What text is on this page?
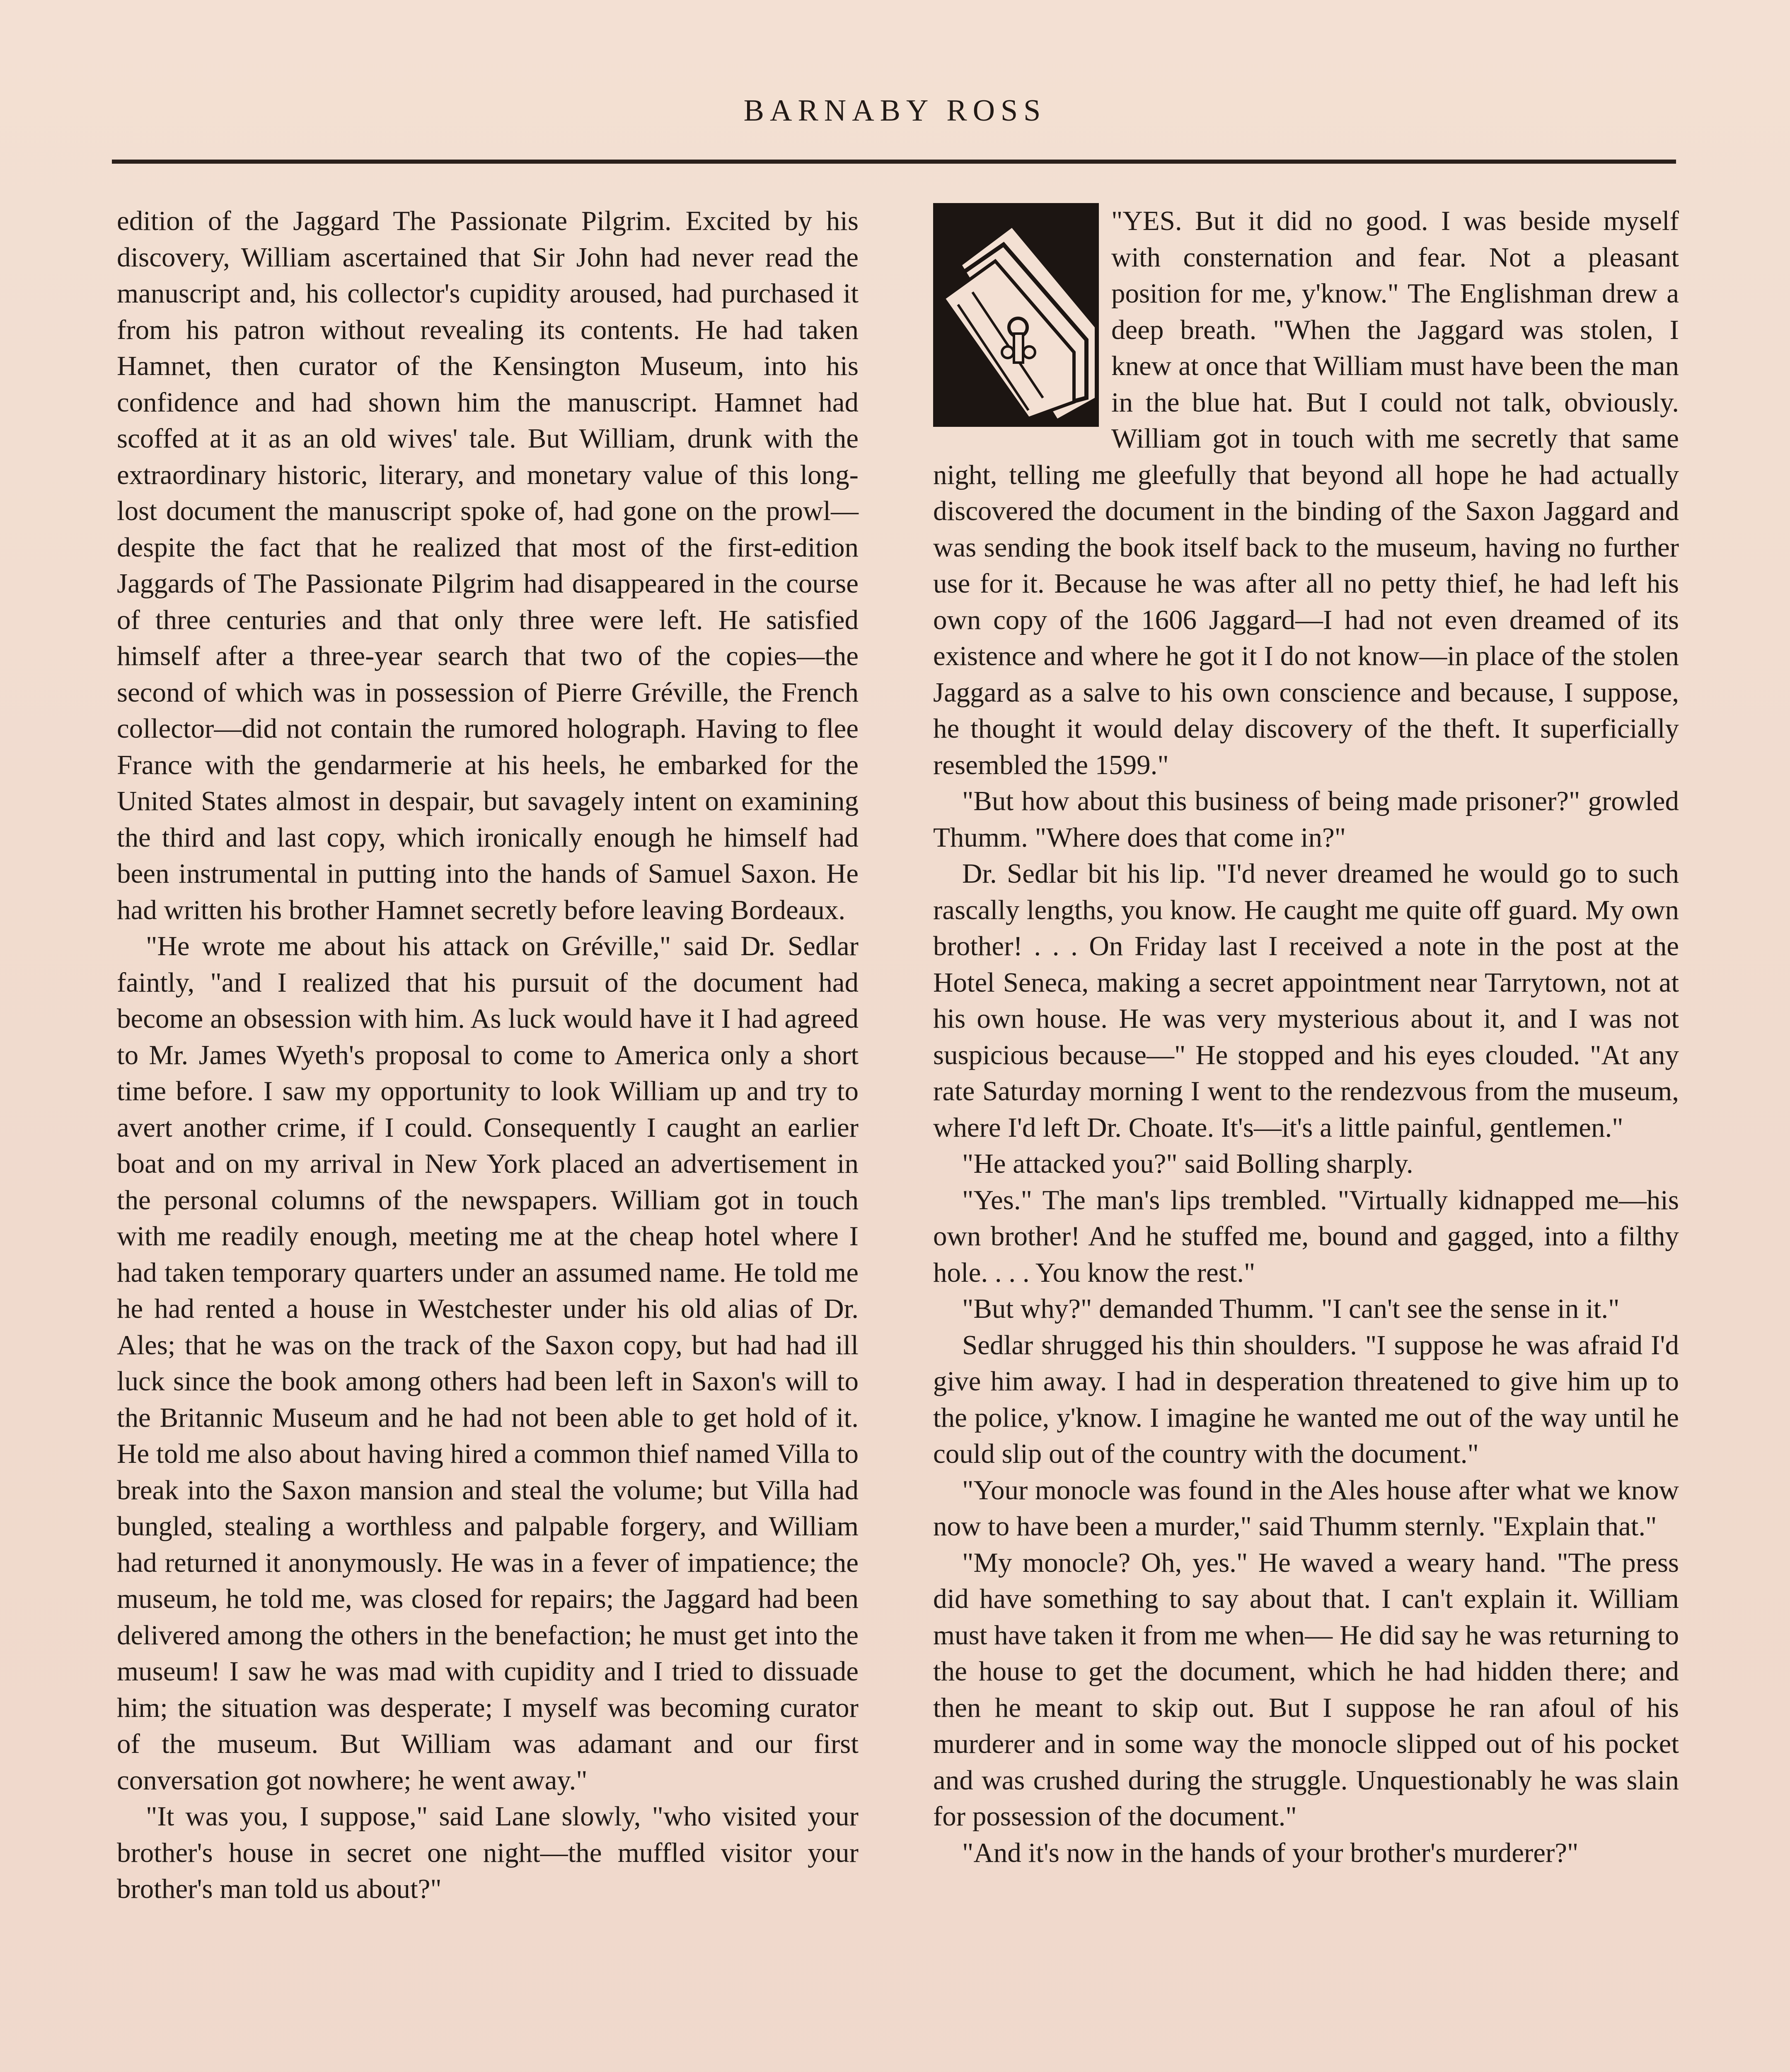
BARNABY ROSS

edition of the Jaggard The Passionate Pilgrim. Excited by his discovery, William ascertained that Sir John had never read the manuscript and, his collector's cupidity aroused, had purchased it from his patron without revealing its contents. He had taken Hamnet, then curator of the Kensington Museum, into his confidence and had shown him the manuscript. Hamnet had scoffed at it as an old wives' tale. But William, drunk with the extraordinary historic, literary, and monetary value of this long-lost document the manuscript spoke of, had gone on the prowl—despite the fact that he realized that most of the first-edition Jaggards of The Passionate Pilgrim had disappeared in the course of three centuries and that only three were left. He satisfied himself after a three-year search that two of the copies—the second of which was in possession of Pierre Gréville, the French collector—did not contain the rumored holograph. Having to flee France with the gendarmerie at his heels, he embarked for the United States almost in despair, but savagely intent on examining the third and last copy, which ironically enough he himself had been instrumental in putting into the hands of Samuel Saxon. He had written his brother Hamnet secretly before leaving Bordeaux.

"He wrote me about his attack on Gréville," said Dr. Sedlar faintly, "and I realized that his pursuit of the document had become an obsession with him. As luck would have it I had agreed to Mr. James Wyeth's proposal to come to America only a short time before. I saw my opportunity to look William up and try to avert another crime, if I could. Consequently I caught an earlier boat and on my arrival in New York placed an advertisement in the personal columns of the newspapers. William got in touch with me readily enough, meeting me at the cheap hotel where I had taken temporary quarters under an assumed name. He told me he had rented a house in Westchester under his old alias of Dr. Ales; that he was on the track of the Saxon copy, but had had ill luck since the book among others had been left in Saxon's will to the Britannic Museum and he had not been able to get hold of it. He told me also about having hired a common thief named Villa to break into the Saxon mansion and steal the volume; but Villa had bungled, stealing a worthless and palpable forgery, and William had returned it anonymously. He was in a fever of impatience; the museum, he told me, was closed for repairs; the Jaggard had been delivered among the others in the benefaction; he must get into the museum! I saw he was mad with cupidity and I tried to dissuade him; the situation was desperate; I myself was becoming curator of the museum. But William was adamant and our first conversation got nowhere; he went away."

"It was you, I suppose," said Lane slowly, "who visited your brother's house in secret one night—the muffled visitor your brother's man told us about?"

"YES. But it did no good. I was beside myself with consternation and fear. Not a pleasant position for me, y'know." The Englishman drew a deep breath. "When the Jaggard was stolen, I knew at once that William must have been the man in the blue hat. But I could not talk, obviously. William got in touch with me secretly that same night, telling me gleefully that beyond all hope he had actually discovered the document in the binding of the Saxon Jaggard and was sending the book itself back to the museum, having no further use for it. Because he was after all no petty thief, he had left his own copy of the 1606 Jaggard—I had not even dreamed of its existence and where he got it I do not know—in place of the stolen Jaggard as a salve to his own conscience and because, I suppose, he thought it would delay discovery of the theft. It superficially resembled the 1599."

"But how about this business of being made prisoner?" growled Thumm. "Where does that come in?"

Dr. Sedlar bit his lip. "I'd never dreamed he would go to such rascally lengths, you know. He caught me quite off guard. My own brother! . . . On Friday last I received a note in the post at the Hotel Seneca, making a secret appointment near Tarrytown, not at his own house. He was very mysterious about it, and I was not suspicious because—" He stopped and his eyes clouded. "At any rate Saturday morning I went to the rendezvous from the museum, where I'd left Dr. Choate. It's—it's a little painful, gentlemen."

"He attacked you?" said Bolling sharply.

"Yes." The man's lips trembled. "Virtually kidnapped me—his own brother! And he stuffed me, bound and gagged, into a filthy hole. . . . You know the rest."

"But why?" demanded Thumm. "I can't see the sense in it."

Sedlar shrugged his thin shoulders. "I suppose he was afraid I'd give him away. I had in desperation threatened to give him up to the police, y'know. I imagine he wanted me out of the way until he could slip out of the country with the document."

"Your monocle was found in the Ales house after what we know now to have been a murder," said Thumm sternly. "Explain that."

"My monocle? Oh, yes." He waved a weary hand. "The press did have something to say about that. I can't explain it. William must have taken it from me when— He did say he was returning to the house to get the document, which he had hidden there; and then he meant to skip out. But I suppose he ran afoul of his murderer and in some way the monocle slipped out of his pocket and was crushed during the struggle. Unquestionably he was slain for possession of the document."

"And it's now in the hands of your brother's murderer?"
